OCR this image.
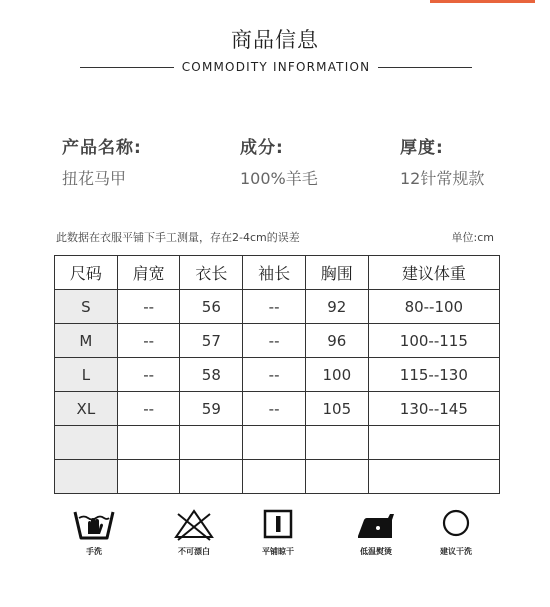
商品信息
COMMODITY INFORMATION
产品名称:
扭花马甲
成分:
100%羊毛
厚度:
12针常规款
此数据在衣服平铺下手工测量，存在2-4cm的误差	单位:cm
尺码	肩宽	衣长	袖长	胸围	建议体重
S	--	56	--	92	80--100
M	--	57	--	96	100--115
L	--	58	--	100	115--130
XL	--	59	--	105	130--145

手洗	不可漂白	平铺晾干	低温熨烫	建议干洗
